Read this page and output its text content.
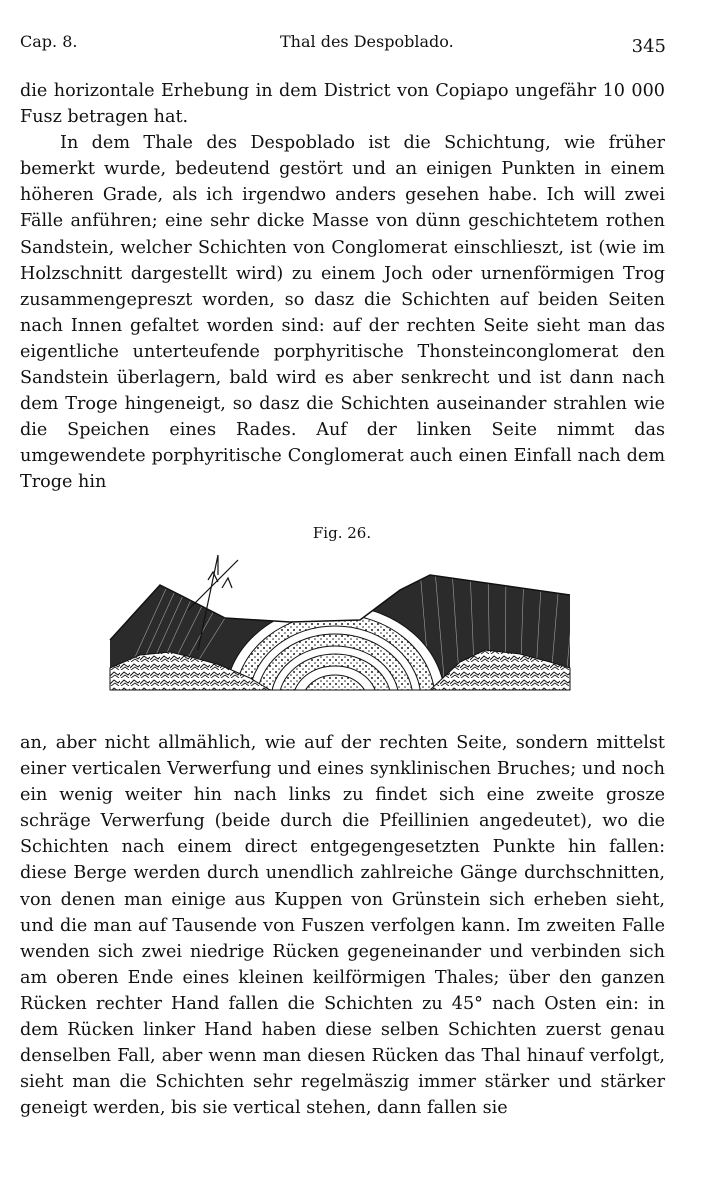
Cap. 8.	Thal des Despoblado.	345

die horizontale Erhebung in dem District von Copiapo ungefähr 10 000 Fusz betragen hat.

In dem Thale des Despoblado ist die Schichtung, wie früher bemerkt wurde, bedeutend gestört und an einigen Punkten in einem höheren Grade, als ich irgendwo anders gesehen habe. Ich will zwei Fälle anführen; eine sehr dicke Masse von dünn geschichtetem rothen Sandstein, welcher Schichten von Conglomerat einschlieszt, ist (wie im Holzschnitt dargestellt wird) zu einem Joch oder urnenförmigen Trog zusammengepreszt worden, so dasz die Schichten auf beiden Seiten nach Innen gefaltet worden sind: auf der rechten Seite sieht man das eigentliche unterteufende porphyritische Thonsteinconglomerat den Sandstein überlagern, bald wird es aber senkrecht und ist dann nach dem Troge hingeneigt, so dasz die Schichten auseinander strahlen wie die Speichen eines Rades. Auf der linken Seite nimmt das umgewendete porphyritische Conglomerat auch einen Einfall nach dem Troge hin

Fig. 26.

an, aber nicht allmählich, wie auf der rechten Seite, sondern mittelst einer verticalen Verwerfung und eines synklinischen Bruches; und noch ein wenig weiter hin nach links zu findet sich eine zweite grosze schräge Verwerfung (beide durch die Pfeillinien angedeutet), wo die Schichten nach einem direct entgegengesetzten Punkte hin fallen: diese Berge werden durch unendlich zahlreiche Gänge durchschnitten, von denen man einige aus Kuppen von Grünstein sich erheben sieht, und die man auf Tausende von Fuszen verfolgen kann. Im zweiten Falle wenden sich zwei niedrige Rücken gegeneinander und verbinden sich am oberen Ende eines kleinen keilförmigen Thales; über den ganzen Rücken rechter Hand fallen die Schichten zu 45° nach Osten ein: in dem Rücken linker Hand haben diese selben Schichten zuerst genau denselben Fall, aber wenn man diesen Rücken das Thal hinauf verfolgt, sieht man die Schichten sehr regelmäszig immer stärker und stärker geneigt werden, bis sie vertical stehen, dann fallen sie
